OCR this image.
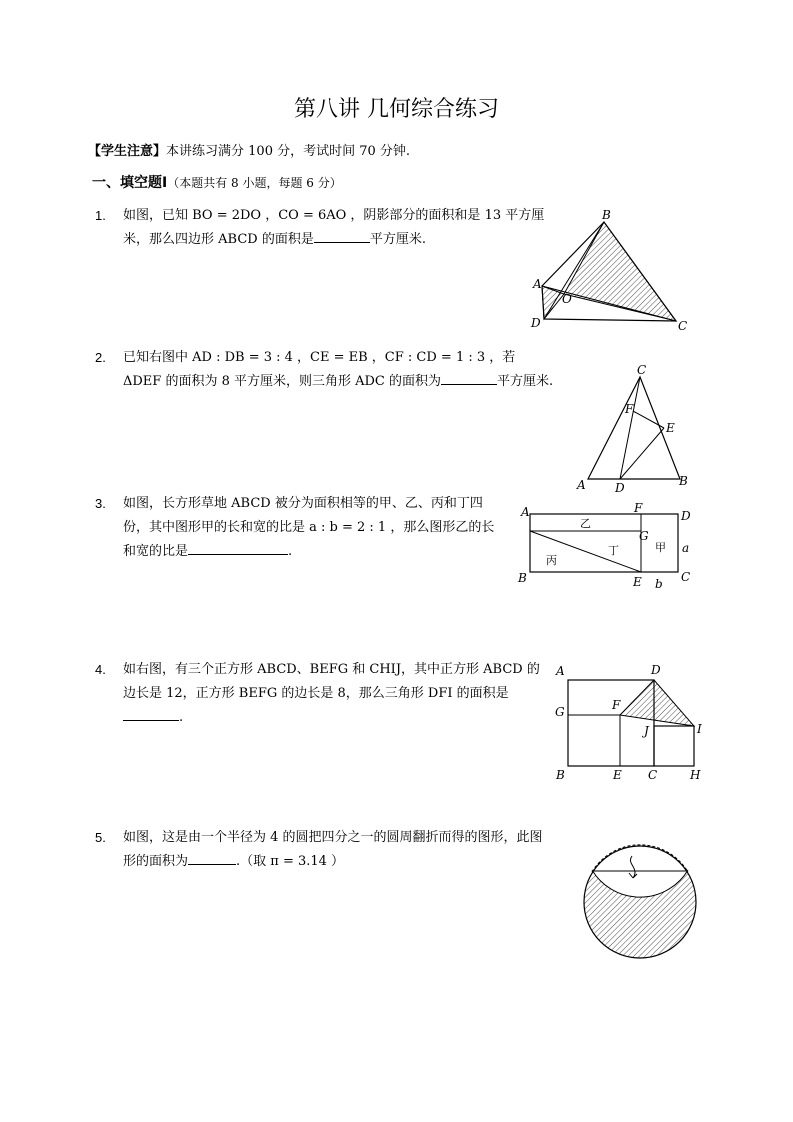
第八讲 几何综合练习
【学生注意】本讲练习满分 100 分，考试时间 70 分钟.
一、填空题Ⅰ（本题共有 8 小题，每题 6 分）
1. 如图，已知 BO = 2DO ，CO = 6AO ，阴影部分的面积和是 13 平方厘米，那么四边形 ABCD 的面积是	平方厘米.
2. 已知右图中 AD : DB = 3 : 4 ，CE = EB ，CF : CD = 1 : 3 ，若 ΔDEF 的面积为 8 平方厘米，则三角形 ADC 的面积为	平方厘米.
3. 如图，长方形草地 ABCD 被分为面积相等的甲、乙、丙和丁四份，其中图形甲的长和宽的比是 a : b = 2 : 1 ，那么图形乙的长和宽的比是	.
4. 如右图，有三个正方形 ABCD、BEFG 和 CHIJ，其中正方形 ABCD 的边长是 12，正方形 BEFG 的边长是 8，那么三角形 DFI 的面积是.
5. 如图，这是由一个半径为 4 的圆把四分之一的圆周翻折而得的图形，此图形的面积为	.（取 π = 3.14 ）
A
B
C
D
O
C
F
E
A D	B
A	F
D
G
a
B	E b C
乙
丁	甲
丙
A	D
G	F
I
J
B	E C	H
